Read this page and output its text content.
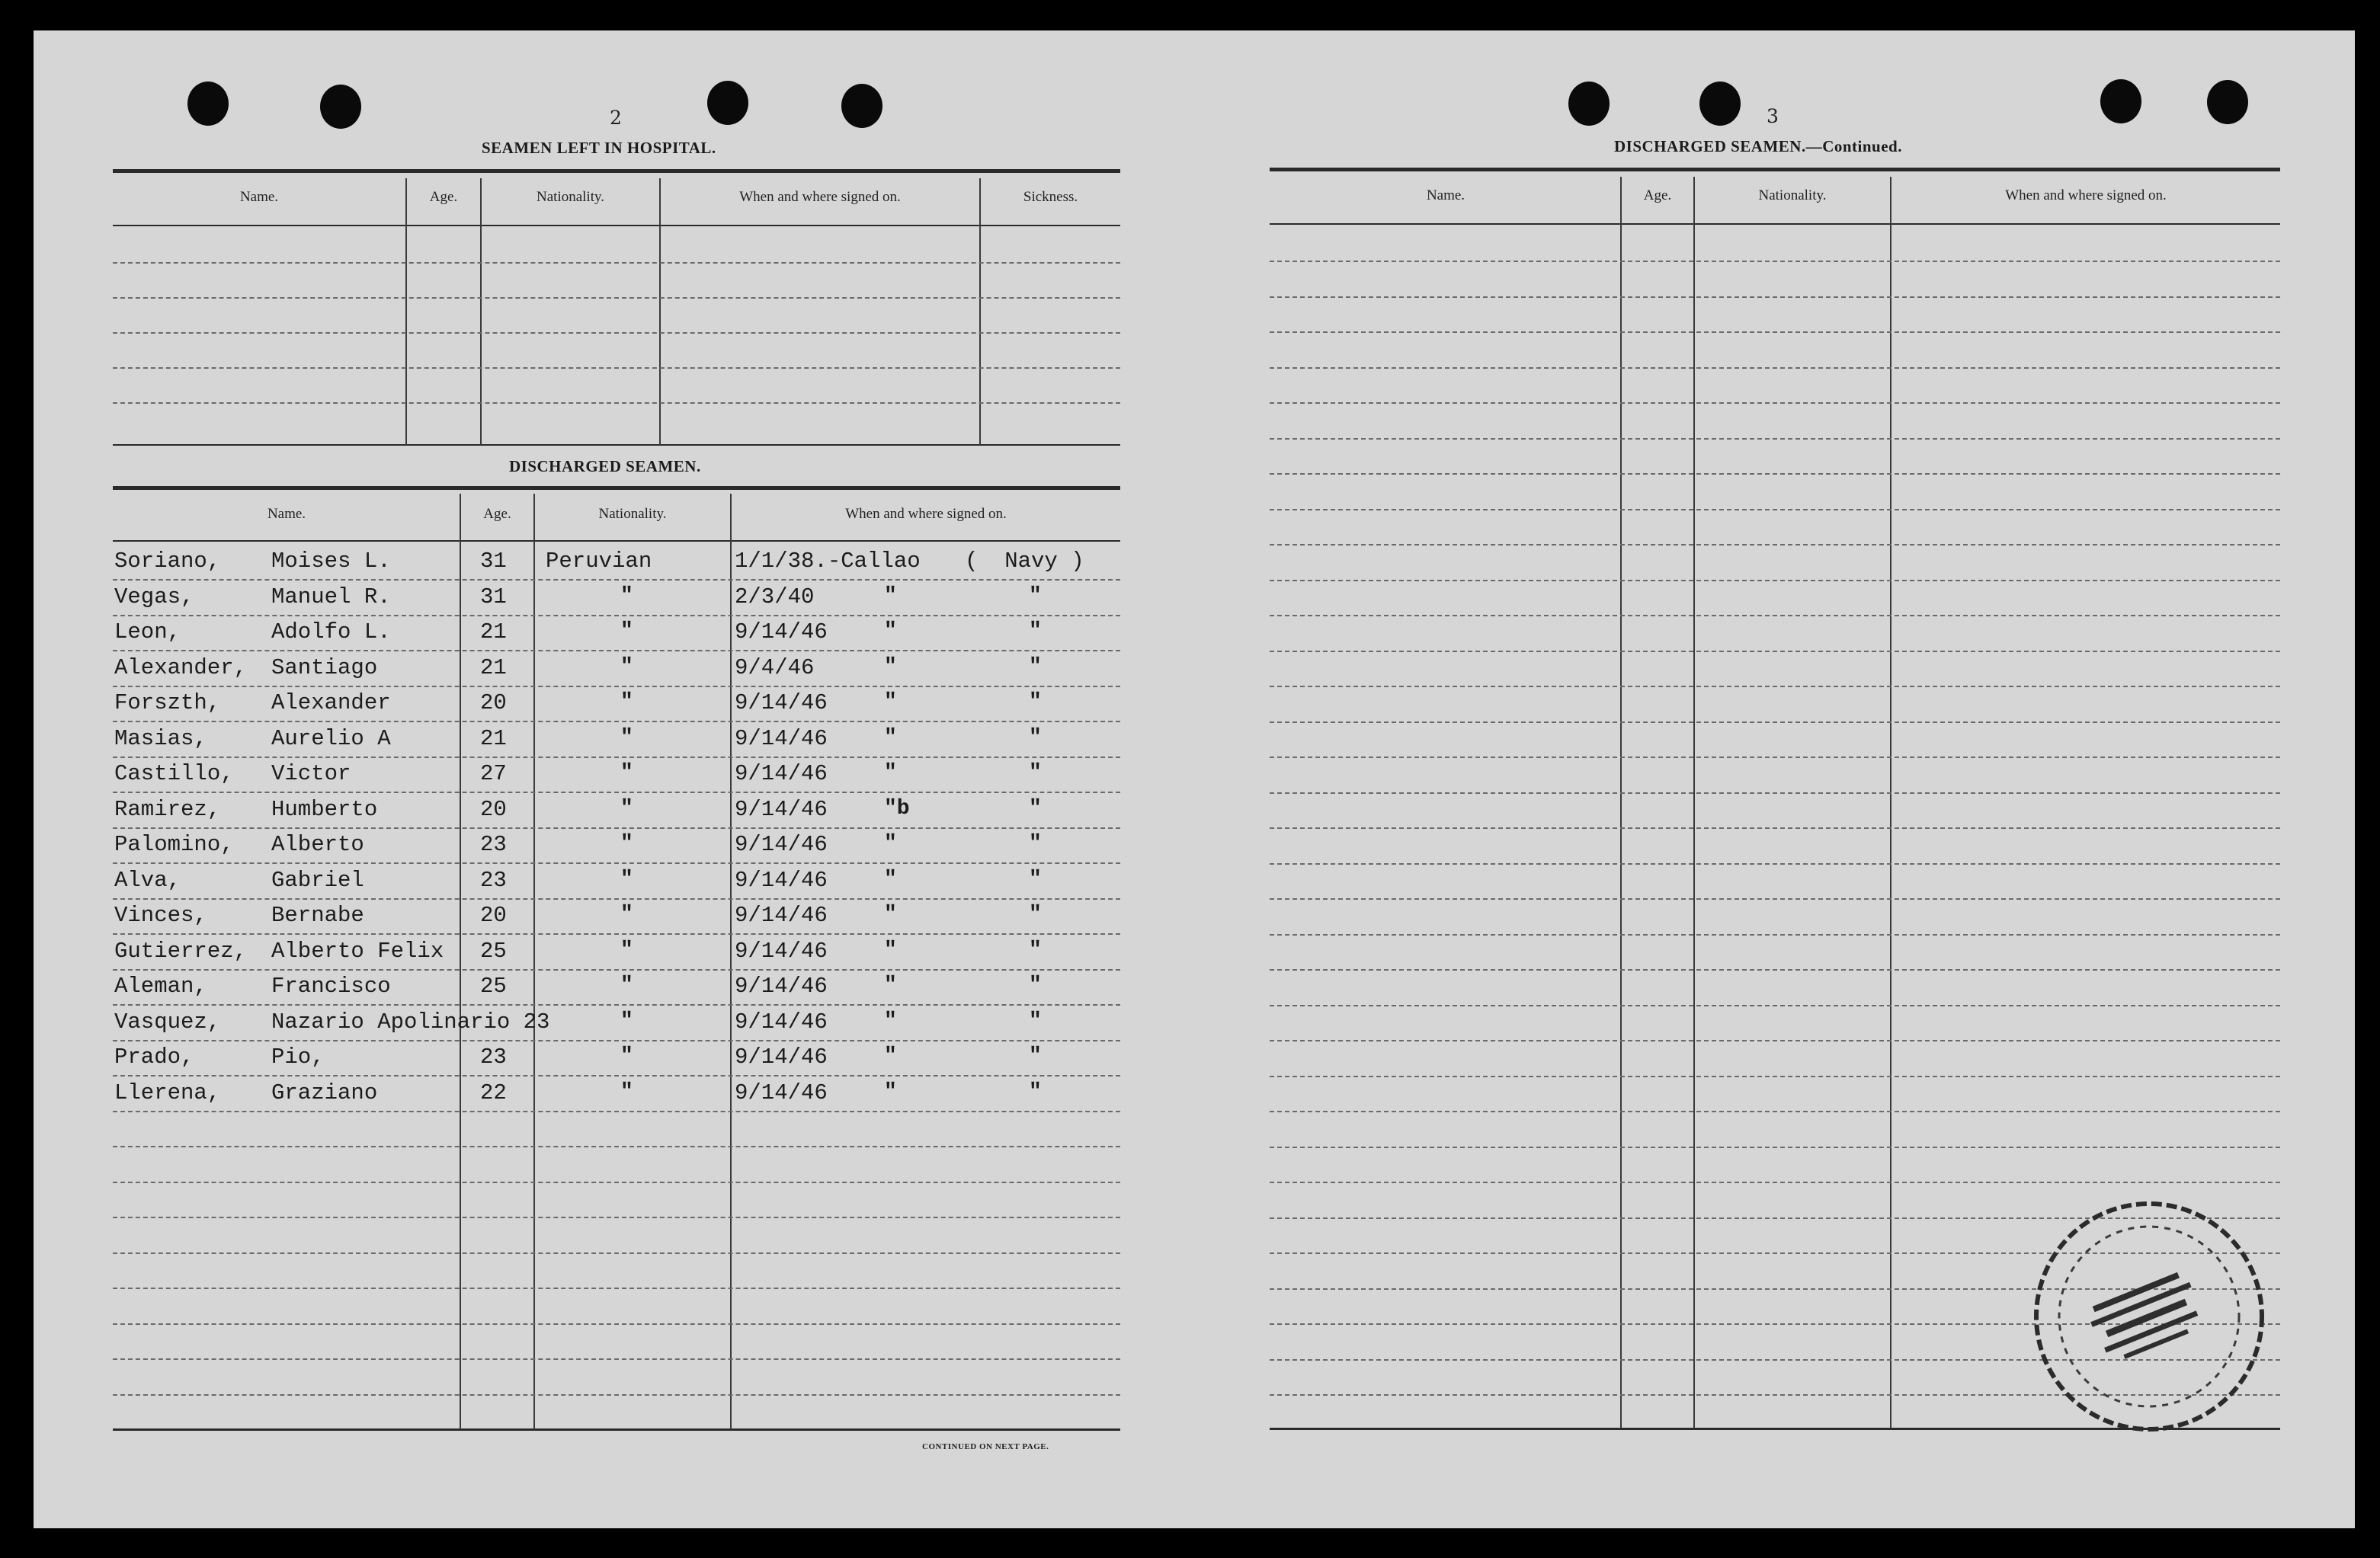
2
SEAMEN LEFT IN HOSPITAL.
Name.	Age.	Nationality.	When and where signed on.	Sickness.
DISCHARGED SEAMEN.
Name.	Age.	Nationality.	When and where signed on.
Soriano, Moises L.	31 Peruvian	1/1/38.-Callao (  Navy )
Vegas,	Manuel R.	31	"	2/3/40	"	"
Leon,	Adolfo L.	21	"	9/14/46	"	"
Alexander, Santiago	21	"	9/4/46	"	"
Forszth, Alexander	20	"	9/14/46	"	"
Masias,	Aurelio A	21	"	9/14/46	"	"
Castillo, Victor	27	"	9/14/46	"	"
Ramirez, Humberto	20	"	9/14/46	"b	"
Palomino, Alberto	23	"	9/14/46	"	"
Alva,	Gabriel	23	"	9/14/46	"	"
Vinces,	Bernabe	20	"	9/14/46	"	"
Gutierrez, Alberto Felix 25	"	9/14/46	"	"
Aleman,	Francisco	25	"	9/14/46	"	"
Vasquez, Nazario Apolinario 23	"	9/14/46	"	"
Prado,	Pio,	23	"	9/14/46	"	"
Llerena, Graziano	22	"	9/14/46	"	"
CONTINUED ON NEXT PAGE.
3
DISCHARGED SEAMEN.—Continued.
Name.	Age.	Nationality.	When and where signed on.
